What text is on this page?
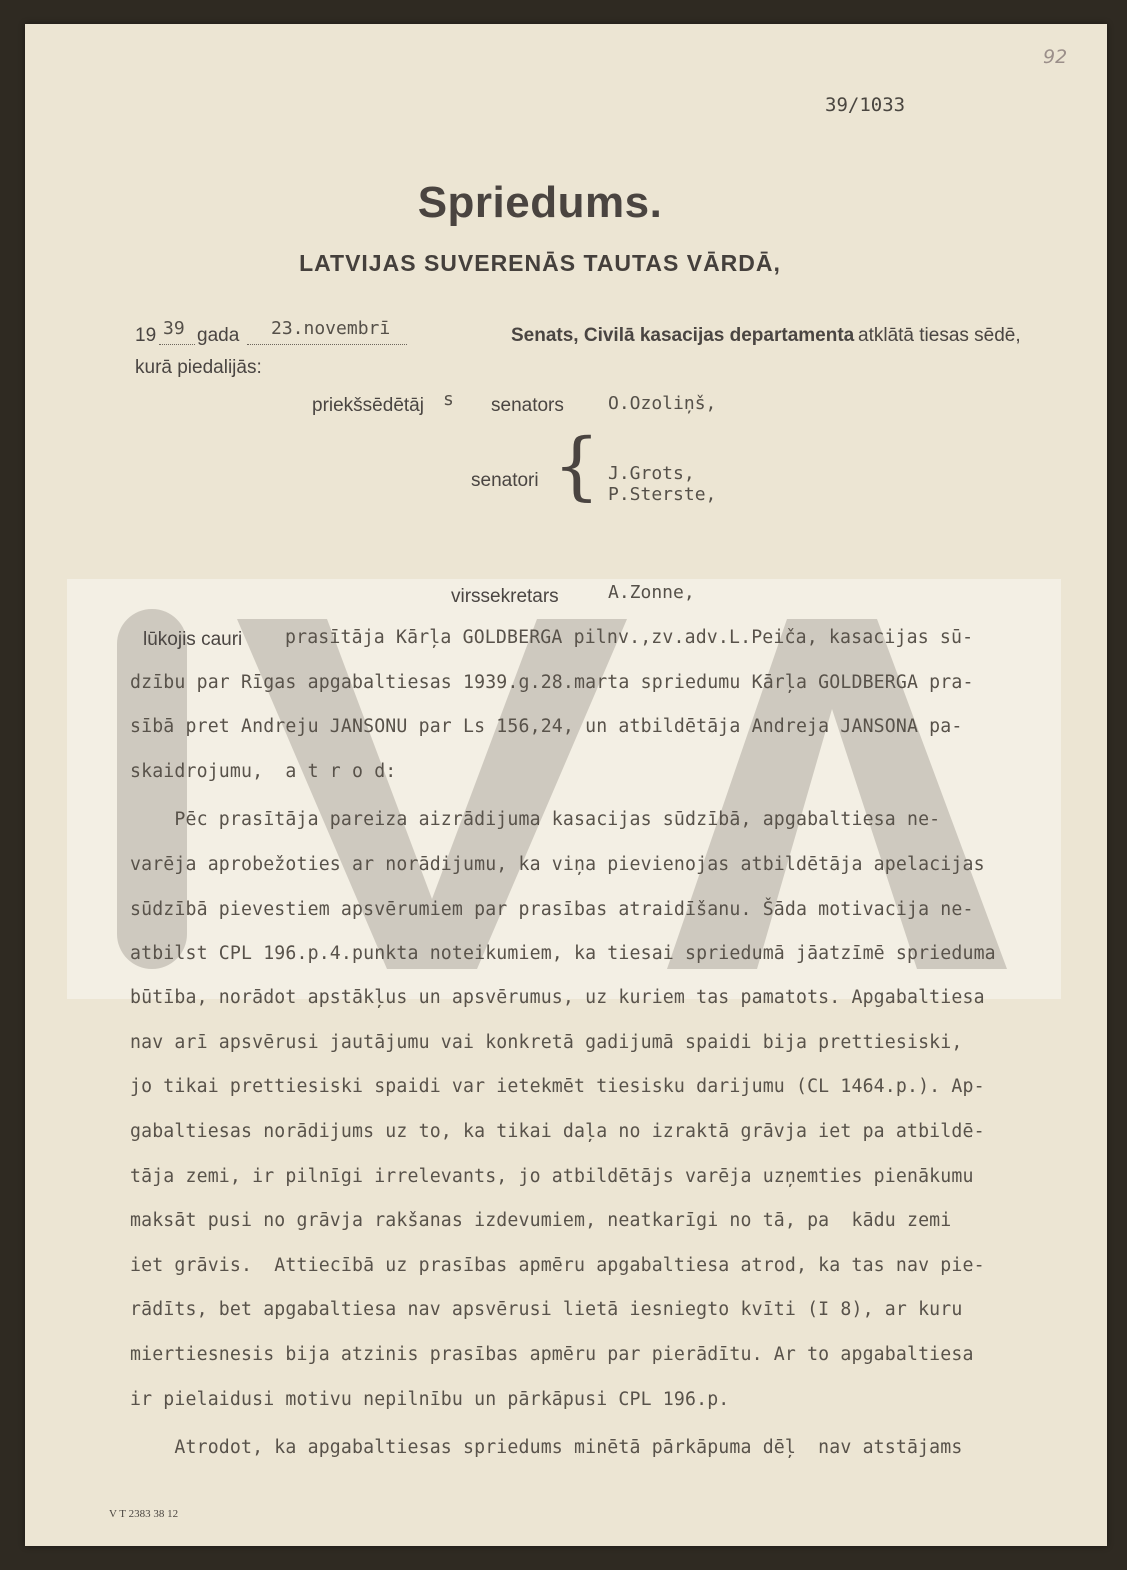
92
39/1033
Spriedums.
LATVIJAS SUVERENĀS TAUTAS VĀRDĀ,
19 39 gada 23.novembrī	Senats, Civilā kasacijas departamenta atklātā tiesas sēdē,
kurā piedalijās:
priekšsēdētāj s senators O.Ozoliņš,
senatori { J.Grots,
P.Sterste,
virssekretars	A.Zonne,
lūkojis cauri prasītāja Kārļa GOLDBERGA pilnv.,zv.adv.L.Peiča, kasacijas sū-
dzību par Rīgas apgabaltiesas 1939.g.28.marta spriedumu Kārļa GOLDBERGA pra-
sībā pret Andreju JANSONU par Ls 156,24, un atbildētāja Andreja JANSONA pa-
skaidrojumu,  a t r o d:
Pēc prasītāja pareiza aizrādijuma kasacijas sūdzībā, apgabaltiesa ne-
varēja aprobežoties ar norādijumu, ka viņa pievienojas atbildētāja apelacijas
sūdzībā pievestiem apsvērumiem par prasības atraidīšanu. Šāda motivacija ne-
atbilst CPL 196.p.4.punkta noteikumiem, ka tiesai spriedumā jāatzīmē sprieduma
būtība, norādot apstākļus un apsvērumus, uz kuriem tas pamatots. Apgabaltiesa
nav arī apsvērusi jautājumu vai konkretā gadijumā spaidi bija prettiesiski,
jo tikai prettiesiski spaidi var ietekmēt tiesisku darijumu (CL 1464.p.). Ap-
gabaltiesas norādijums uz to, ka tikai daļa no izraktā grāvja iet pa atbildē-
tāja zemi, ir pilnīgi irrelevants, jo atbildētājs varēja uzņemties pienākumu
maksāt pusi no grāvja rakšanas izdevumiem, neatkarīgi no tā, pa  kādu zemi
iet grāvis.  Attiecībā uz prasības apmēru apgabaltiesa atrod, ka tas nav pie-
rādīts, bet apgabaltiesa nav apsvērusi lietā iesniegto kvīti (I 8), ar kuru
miertiesnesis bija atzinis prasības apmēru par pierādītu. Ar to apgabaltiesa
ir pielaidusi motivu nepilnību un pārkāpusi CPL 196.p.
Atrodot, ka apgabaltiesas spriedums minētā pārkāpuma dēļ  nav atstājams
V T 2383 38 12
